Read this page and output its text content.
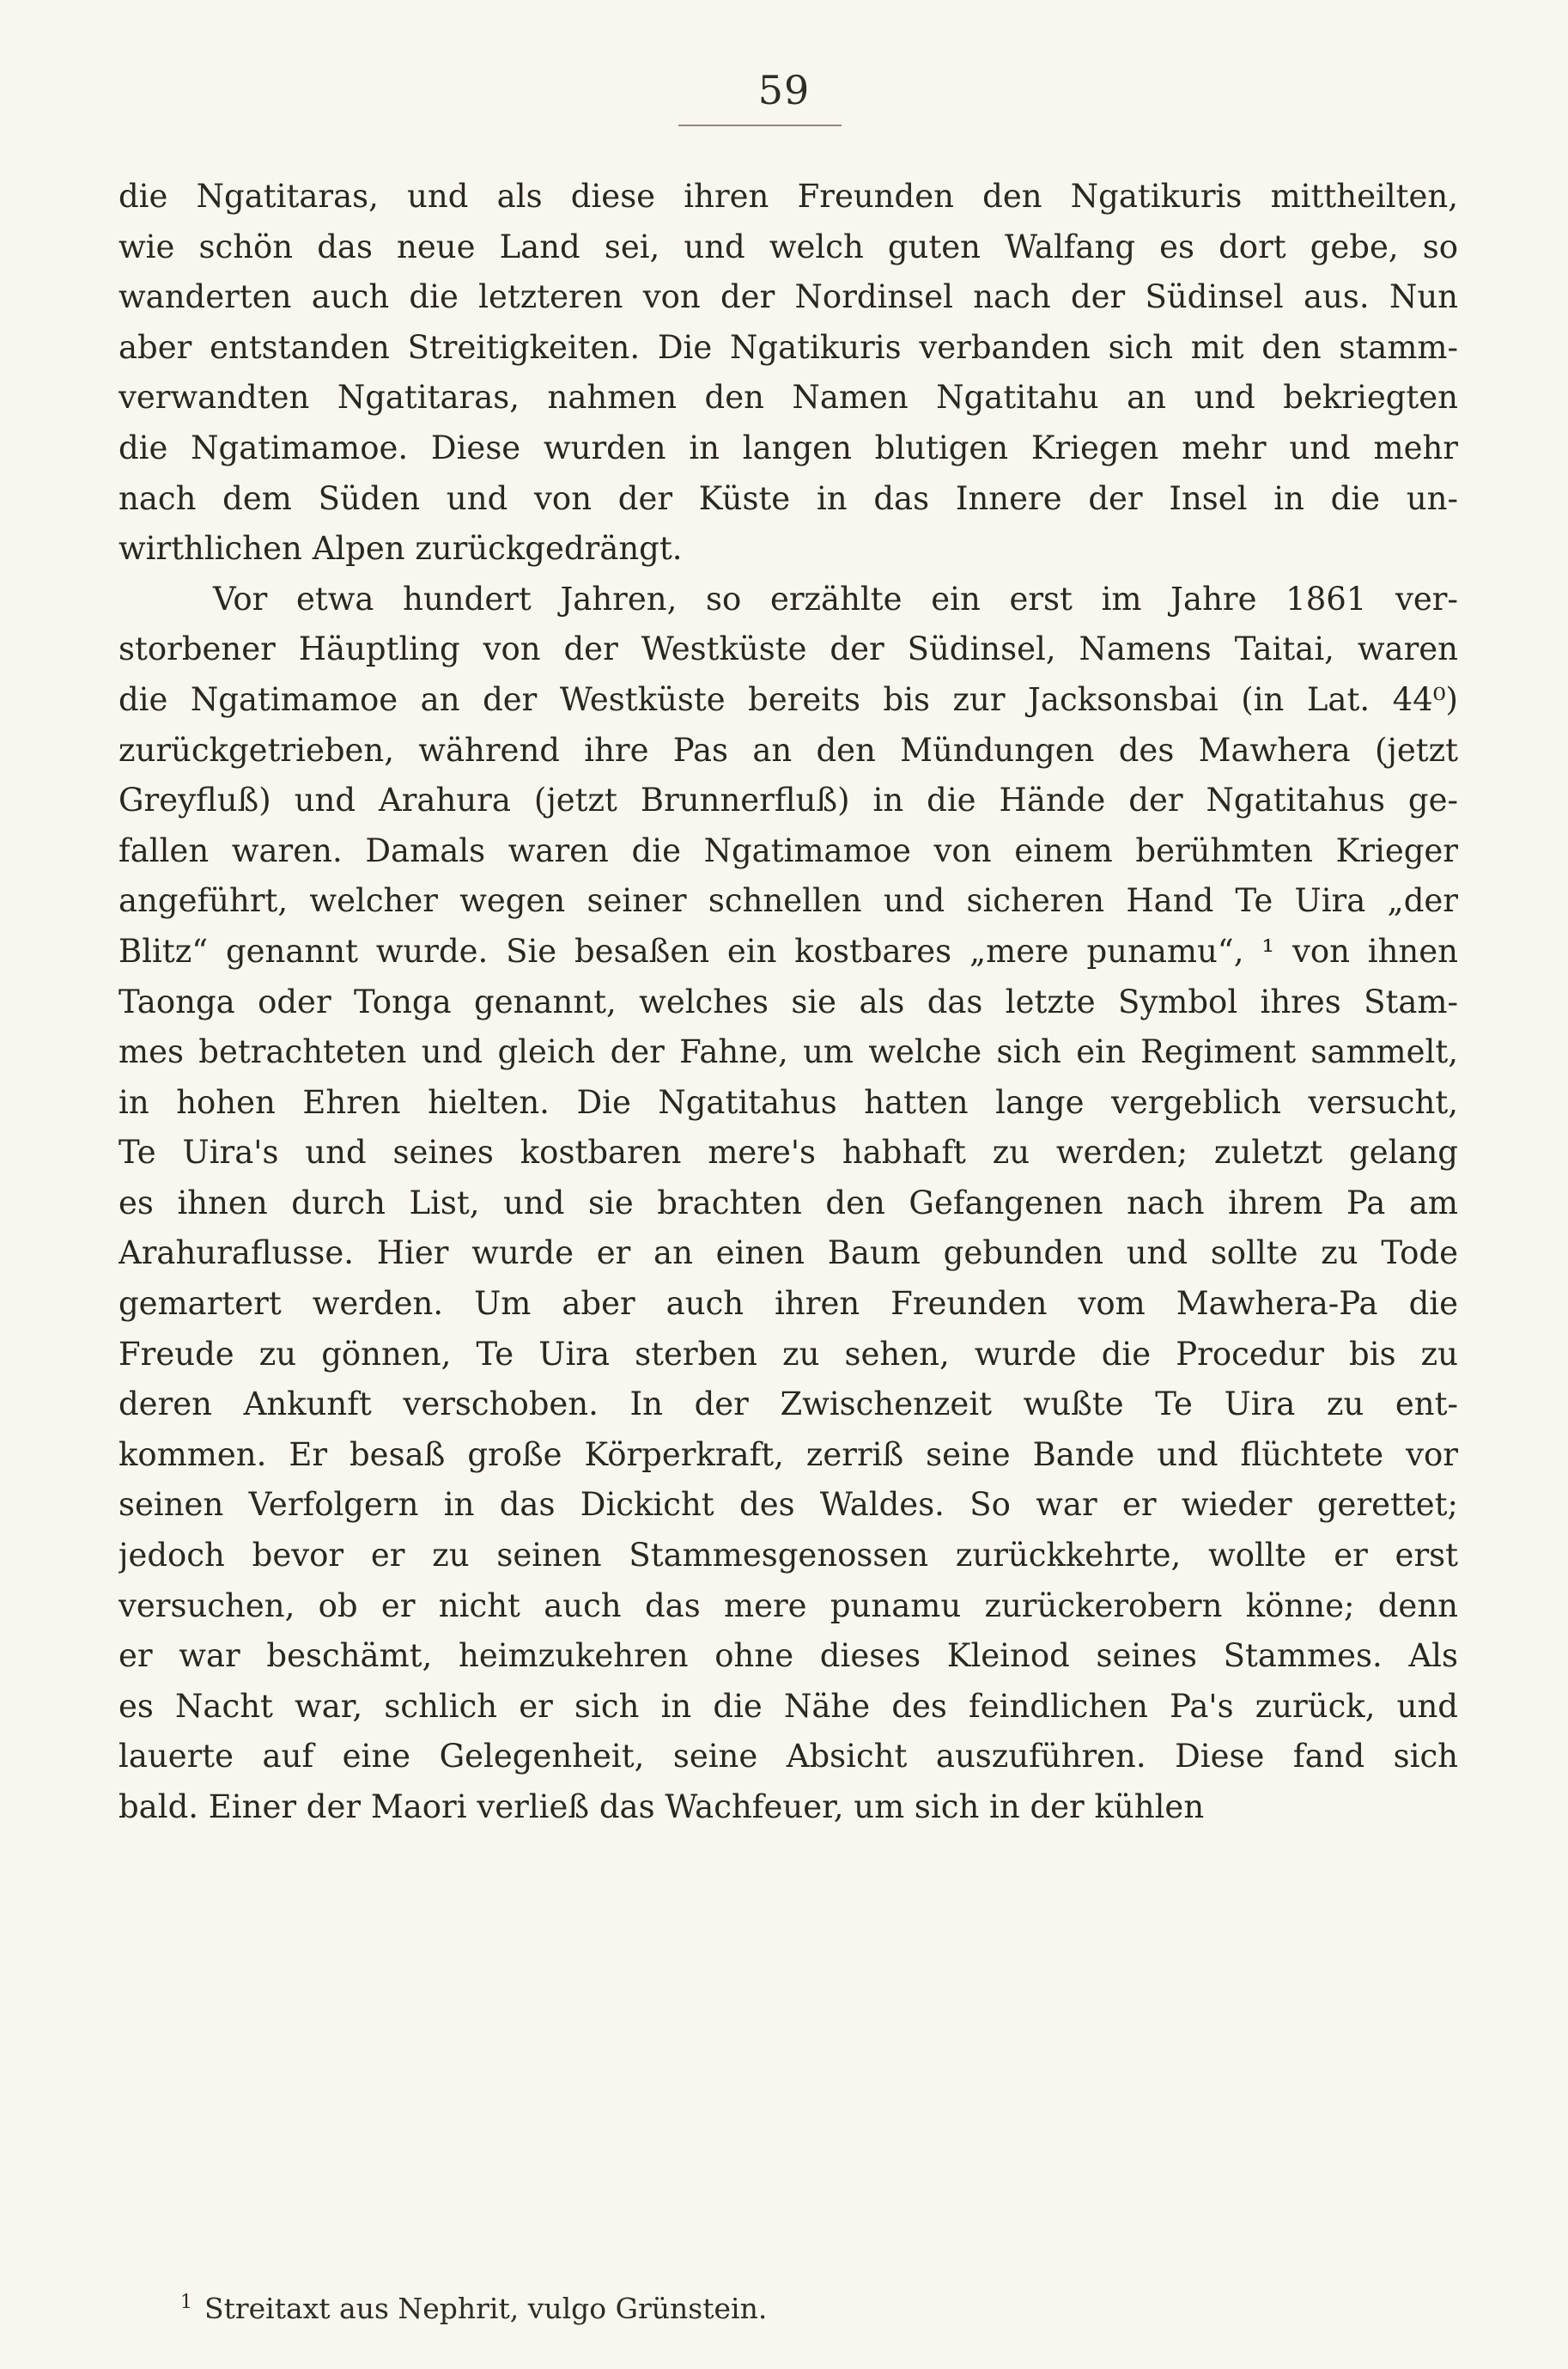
59
die Ngatitaras, und als diese ihren Freunden den Ngatikuris mittheilten,
wie schön das neue Land sei, und welch guten Walfang es dort gebe, so
wanderten auch die letzteren von der Nordinsel nach der Südinsel aus. Nun
aber entstanden Streitigkeiten. Die Ngatikuris verbanden sich mit den stamm-
verwandten Ngatitaras, nahmen den Namen Ngatitahu an und bekriegten
die Ngatimamoe. Diese wurden in langen blutigen Kriegen mehr und mehr
nach dem Süden und von der Küste in das Innere der Insel in die un-
wirthlichen Alpen zurückgedrängt.
Vor etwa hundert Jahren, so erzählte ein erst im Jahre 1861 ver-
storbener Häuptling von der Westküste der Südinsel, Namens Taitai, waren
die Ngatimamoe an der Westküste bereits bis zur Jacksonsbai (in Lat. 44⁰)
zurückgetrieben, während ihre Pas an den Mündungen des Mawhera (jetzt
Greyfluß) und Arahura (jetzt Brunnerfluß) in die Hände der Ngatitahus ge-
fallen waren. Damals waren die Ngatimamoe von einem berühmten Krieger
angeführt, welcher wegen seiner schnellen und sicheren Hand Te Uira „der
Blitz“ genannt wurde. Sie besaßen ein kostbares „mere punamu“, ¹ von ihnen
Taonga oder Tonga genannt, welches sie als das letzte Symbol ihres Stam-
mes betrachteten und gleich der Fahne, um welche sich ein Regiment sammelt,
in hohen Ehren hielten. Die Ngatitahus hatten lange vergeblich versucht,
Te Uira's und seines kostbaren mere's habhaft zu werden; zuletzt gelang
es ihnen durch List, und sie brachten den Gefangenen nach ihrem Pa am
Arahuraflusse. Hier wurde er an einen Baum gebunden und sollte zu Tode
gemartert werden. Um aber auch ihren Freunden vom Mawhera-Pa die
Freude zu gönnen, Te Uira sterben zu sehen, wurde die Procedur bis zu
deren Ankunft verschoben. In der Zwischenzeit wußte Te Uira zu ent-
kommen. Er besaß große Körperkraft, zerriß seine Bande und flüchtete vor
seinen Verfolgern in das Dickicht des Waldes. So war er wieder gerettet;
jedoch bevor er zu seinen Stammesgenossen zurückkehrte, wollte er erst
versuchen, ob er nicht auch das mere punamu zurückerobern könne; denn
er war beschämt, heimzukehren ohne dieses Kleinod seines Stammes. Als
es Nacht war, schlich er sich in die Nähe des feindlichen Pa's zurück, und
lauerte auf eine Gelegenheit, seine Absicht auszuführen. Diese fand sich
bald. Einer der Maori verließ das Wachfeuer, um sich in der kühlen
$^1$ Streitaxt aus Nephrit, vulgo Grünstein.
